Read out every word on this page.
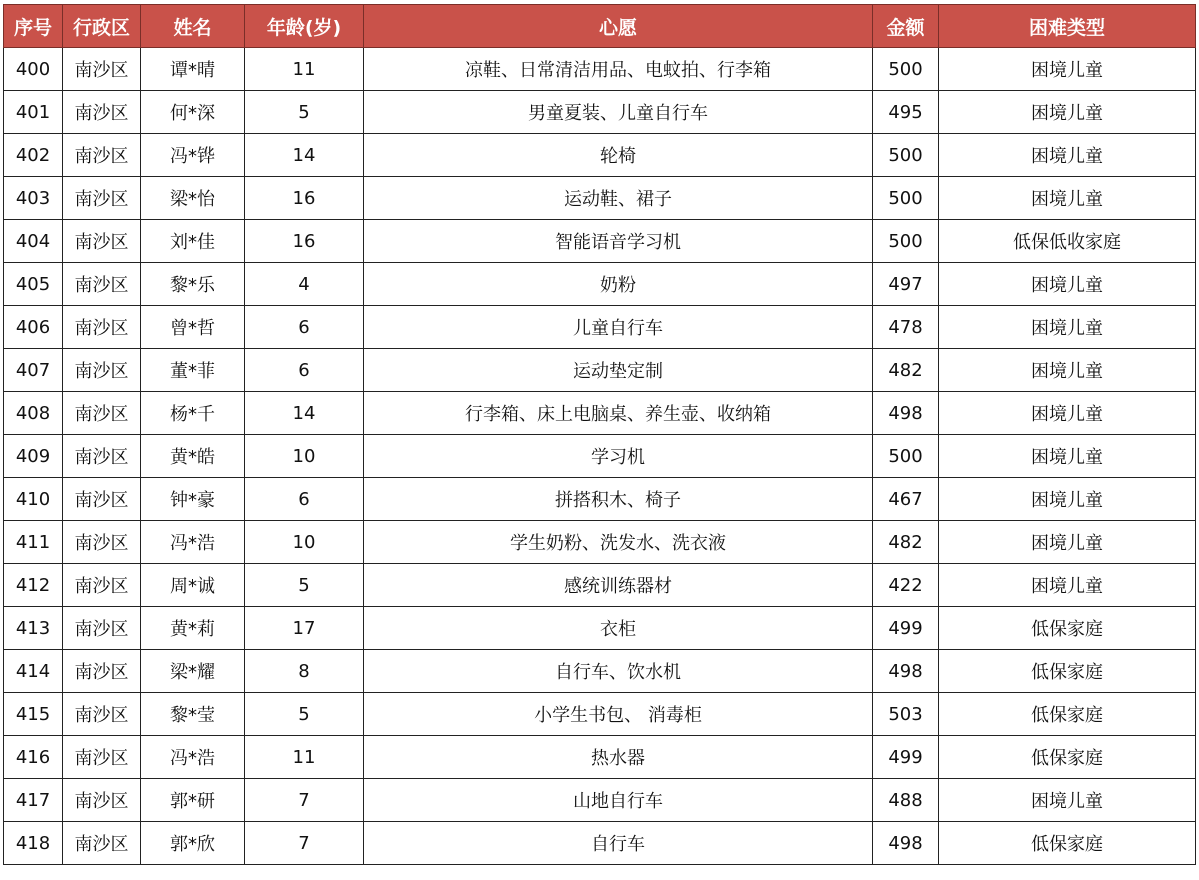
序号	行政区	姓名	年龄(岁)	心愿	金额	困难类型
400	南沙区	谭*晴	11	凉鞋、日常清洁用品、电蚊拍、行李箱	500	困境儿童
401	南沙区	何*深	5	男童夏装、儿童自行车	495	困境儿童
402	南沙区	冯*铧	14	轮椅	500	困境儿童
403	南沙区	梁*怡	16	运动鞋、裙子	500	困境儿童
404	南沙区	刘*佳	16	智能语音学习机	500	低保低收家庭
405	南沙区	黎*乐	4	奶粉	497	困境儿童
406	南沙区	曾*哲	6	儿童自行车	478	困境儿童
407	南沙区	董*菲	6	运动垫定制	482	困境儿童
408	南沙区	杨*千	14	行李箱、床上电脑桌、养生壶、收纳箱	498	困境儿童
409	南沙区	黄*皓	10	学习机	500	困境儿童
410	南沙区	钟*豪	6	拼搭积木、椅子	467	困境儿童
411	南沙区	冯*浩	10	学生奶粉、洗发水、洗衣液	482	困境儿童
412	南沙区	周*诚	5	感统训练器材	422	困境儿童
413	南沙区	黄*莉	17	衣柜	499	低保家庭
414	南沙区	梁*耀	8	自行车、饮水机	498	低保家庭
415	南沙区	黎*莹	5	小学生书包、 消毒柜	503	低保家庭
416	南沙区	冯*浩	11	热水器	499	低保家庭
417	南沙区	郭*研	7	山地自行车	488	困境儿童
418	南沙区	郭*欣	7	自行车	498	低保家庭
